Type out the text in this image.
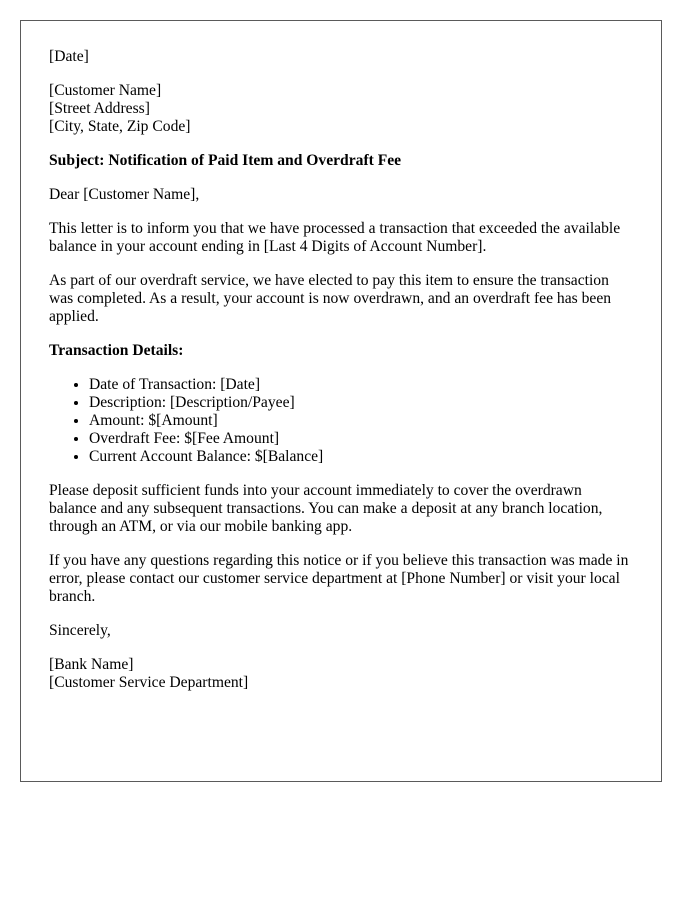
[Date]

[Customer Name]
[Street Address]
[City, State, Zip Code]

Subject: Notification of Paid Item and Overdraft Fee

Dear [Customer Name],

This letter is to inform you that we have processed a transaction that exceeded the available balance in your account ending in [Last 4 Digits of Account Number].

As part of our overdraft service, we have elected to pay this item to ensure the transaction was completed. As a result, your account is now overdrawn, and an overdraft fee has been applied.

Transaction Details:

• Date of Transaction: [Date]
• Description: [Description/Payee]
• Amount: $[Amount]
• Overdraft Fee: $[Fee Amount]
• Current Account Balance: $[Balance]

Please deposit sufficient funds into your account immediately to cover the overdrawn balance and any subsequent transactions. You can make a deposit at any branch location, through an ATM, or via our mobile banking app.

If you have any questions regarding this notice or if you believe this transaction was made in error, please contact our customer service department at [Phone Number] or visit your local branch.

Sincerely,

[Bank Name]
[Customer Service Department]
